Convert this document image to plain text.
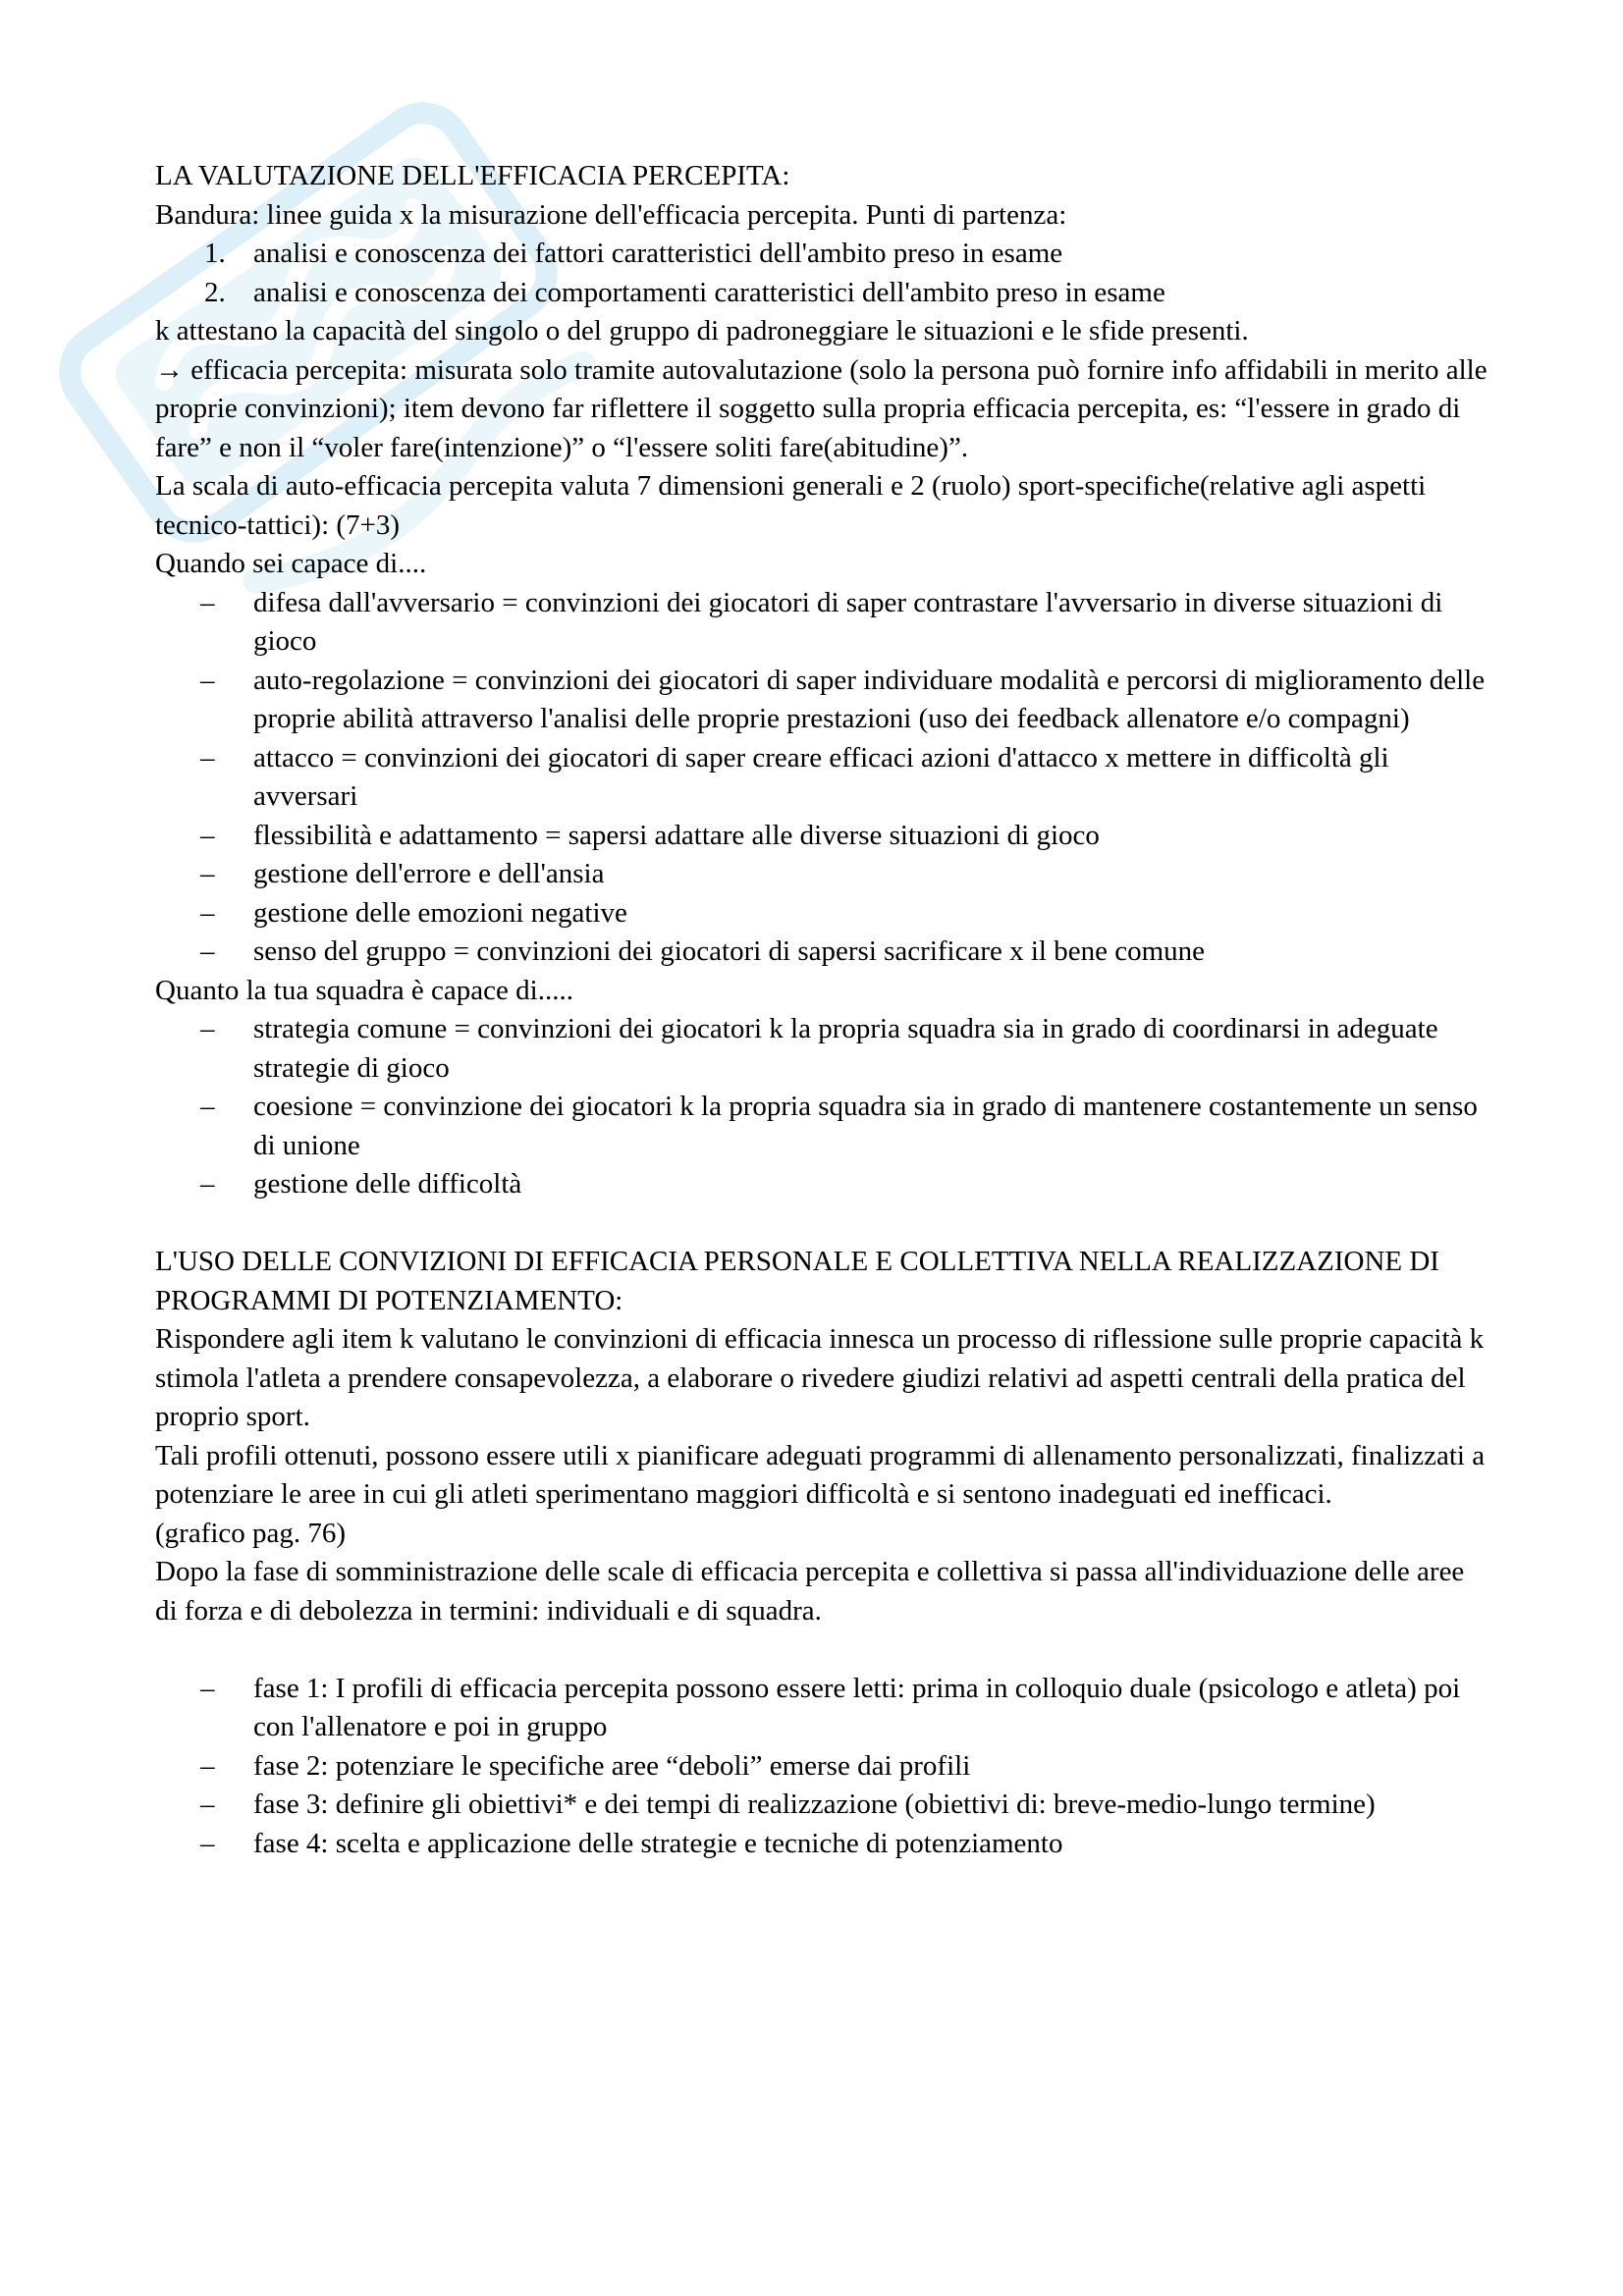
LA VALUTAZIONE DELL'EFFICACIA PERCEPITA:

Bandura: linee guida x la misurazione dell'efficacia percepita. Punti di partenza:

1. analisi e conoscenza dei fattori caratteristici dell'ambito preso in esame
2. analisi e conoscenza dei comportamenti caratteristici dell'ambito preso in esame

k attestano la capacità del singolo o del gruppo di padroneggiare le situazioni e le sfide presenti.

→ efficacia percepita: misurata solo tramite autovalutazione (solo la persona può fornire info affidabili in merito alle proprie convinzioni); item devono far riflettere il soggetto sulla propria efficacia percepita, es: “l'essere in grado di fare” e non il “voler fare(intenzione)” o “l'essere soliti fare(abitudine)”.

La scala di auto-efficacia percepita valuta 7 dimensioni generali e 2 (ruolo) sport-specifiche(relative agli aspetti tecnico-tattici): (7+3)

Quando sei capace di....

– difesa dall'avversario = convinzioni dei giocatori di saper contrastare l'avversario in diverse situazioni di gioco
– auto-regolazione = convinzioni dei giocatori di saper individuare modalità e percorsi di miglioramento delle proprie abilità attraverso l'analisi delle proprie prestazioni (uso dei feedback allenatore e/o compagni)
– attacco = convinzioni dei giocatori di saper creare efficaci azioni d'attacco x mettere in difficoltà gli avversari
– flessibilità e adattamento = sapersi adattare alle diverse situazioni di gioco
– gestione dell'errore e dell'ansia
– gestione delle emozioni negative
– senso del gruppo = convinzioni dei giocatori di sapersi sacrificare x il bene comune

Quanto la tua squadra è capace di.....

– strategia comune = convinzioni dei giocatori k la propria squadra sia in grado di coordinarsi in adeguate strategie di gioco
– coesione = convinzione dei giocatori k la propria squadra sia in grado di mantenere costantemente un senso di unione
– gestione delle difficoltà

L'USO DELLE CONVIZIONI DI EFFICACIA PERSONALE E COLLETTIVA NELLA REALIZZAZIONE DI PROGRAMMI DI POTENZIAMENTO:

Rispondere agli item k valutano le convinzioni di efficacia innesca un processo di riflessione sulle proprie capacità k stimola l'atleta a prendere consapevolezza, a elaborare o rivedere giudizi relativi ad aspetti centrali della pratica del proprio sport.

Tali profili ottenuti, possono essere utili x pianificare adeguati programmi di allenamento personalizzati, finalizzati a potenziare le aree in cui gli atleti sperimentano maggiori difficoltà e si sentono inadeguati ed inefficaci.

(grafico pag. 76)

Dopo la fase di somministrazione delle scale di efficacia percepita e collettiva si passa all'individuazione delle aree di forza e di debolezza in termini: individuali e di squadra.

– fase 1: I profili di efficacia percepita possono essere letti: prima in colloquio duale (psicologo e atleta) poi con l'allenatore e poi in gruppo
– fase 2: potenziare le specifiche aree “deboli” emerse dai profili
– fase 3: definire gli obiettivi* e dei tempi di realizzazione (obiettivi di: breve-medio-lungo termine)
– fase 4: scelta e applicazione delle strategie e tecniche di potenziamento
